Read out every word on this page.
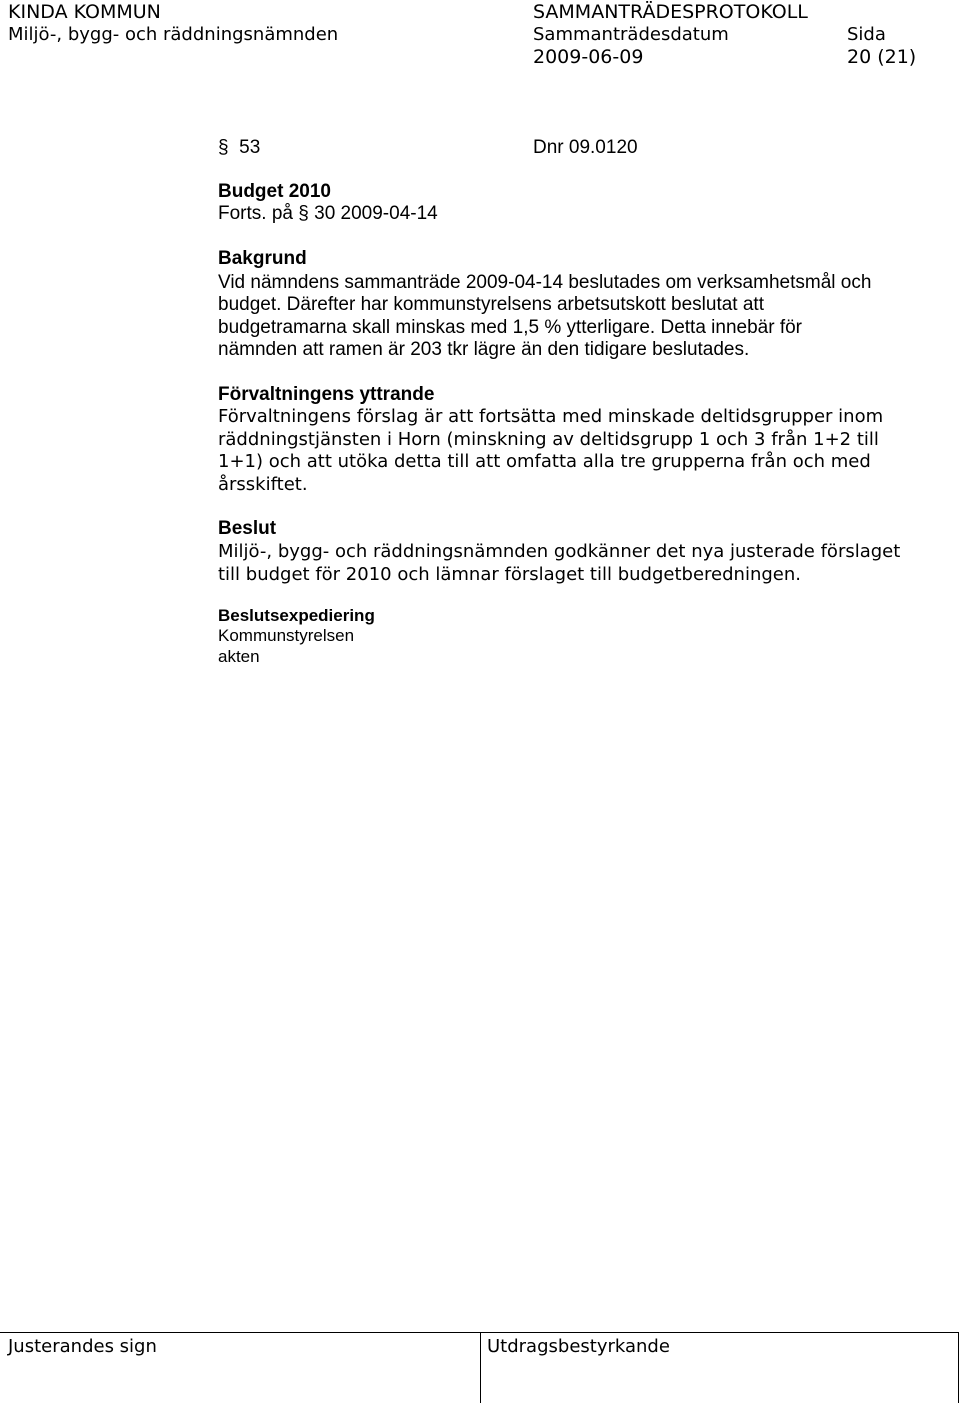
KINDA KOMMUN	SAMMANTRÄDESPROTOKOLL
Miljö-, bygg- och räddningsnämnden	Sammanträdesdatum	Sida
2009-06-09	20 (21)
§ 53	Dnr 09.0120
Budget 2010
Forts. på § 30 2009-04-14
Bakgrund
Vid nämndens sammanträde 2009-04-14 beslutades om verksamhetsmål och
budget. Därefter har kommunstyrelsens arbetsutskott beslutat att
budgetramarna skall minskas med 1,5 % ytterligare. Detta innebär för
nämnden att ramen är 203 tkr lägre än den tidigare beslutades.
Förvaltningens yttrande
Förvaltningens förslag är att fortsätta med minskade deltidsgrupper inom
räddningstjänsten i Horn (minskning av deltidsgrupp 1 och 3 från 1+2 till
1+1) och att utöka detta till att omfatta alla tre grupperna från och med
årsskiftet.
Beslut
Miljö-, bygg- och räddningsnämnden godkänner det nya justerade förslaget
till budget för 2010 och lämnar förslaget till budgetberedningen.
Beslutsexpediering
Kommunstyrelsen
akten
Justerandes sign	Utdragsbestyrkande
